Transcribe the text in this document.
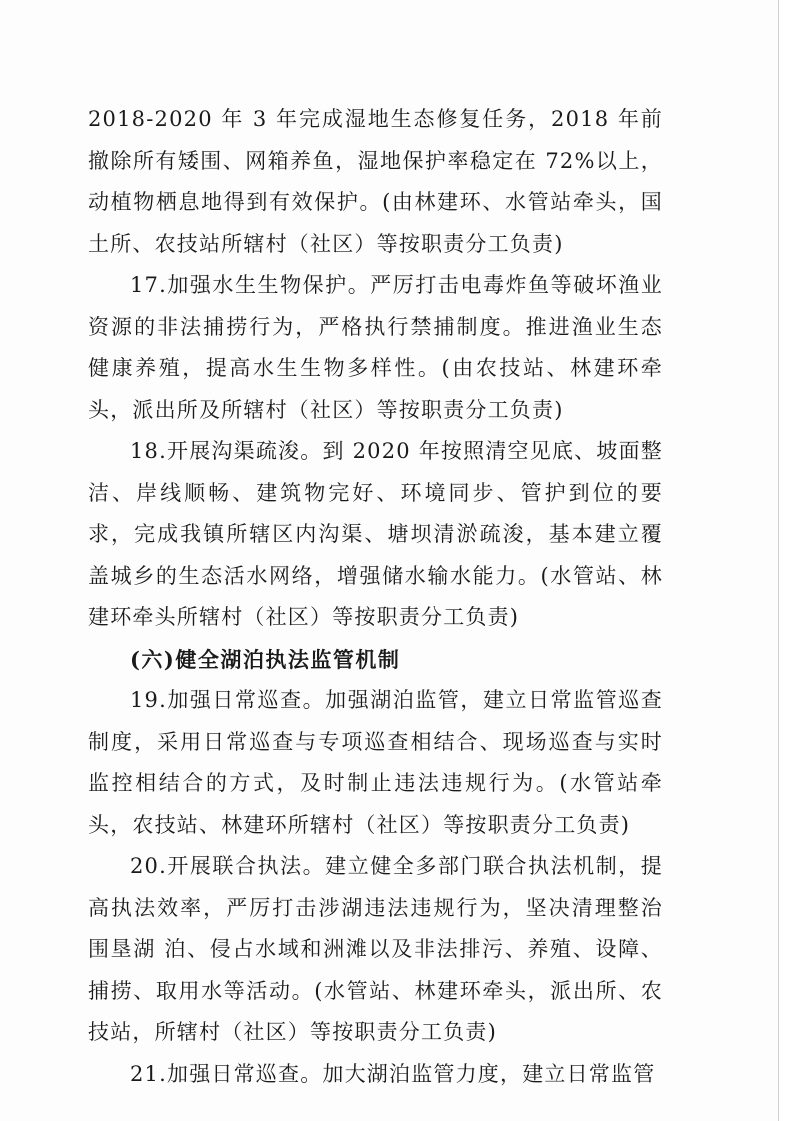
2018-2020 年 3 年完成湿地生态修复任务，2018 年前撤除所有矮围、网箱养鱼，湿地保护率稳定在 72%以上，动植物栖息地得到有效保护。(由林建环、水管站牵头，国土所、农技站所辖村（社区）等按职责分工负责)

17.加强水生生物保护。严厉打击电毒炸鱼等破坏渔业资源的非法捕捞行为，严格执行禁捕制度。推进渔业生态健康养殖，提高水生生物多样性。(由农技站、林建环牵头，派出所及所辖村（社区）等按职责分工负责)

18.开展沟渠疏浚。到 2020 年按照清空见底、坡面整洁、岸线顺畅、建筑物完好、环境同步、管护到位的要求，完成我镇所辖区内沟渠、塘坝清淤疏浚，基本建立覆盖城乡的生态活水网络，增强储水输水能力。(水管站、林建环牵头所辖村（社区）等按职责分工负责)

(六)健全湖泊执法监管机制

19.加强日常巡查。加强湖泊监管，建立日常监管巡查制度，采用日常巡查与专项巡查相结合、现场巡查与实时监控相结合的方式，及时制止违法违规行为。(水管站牵头，农技站、林建环所辖村（社区）等按职责分工负责)

20.开展联合执法。建立健全多部门联合执法机制，提高执法效率，严厉打击涉湖违法违规行为，坚决清理整治围垦湖 泊、侵占水域和洲滩以及非法排污、养殖、设障、捕捞、取用水等活动。(水管站、林建环牵头，派出所、农技站，所辖村（社区）等按职责分工负责)

21.加强日常巡查。加大湖泊监管力度，建立日常监管
